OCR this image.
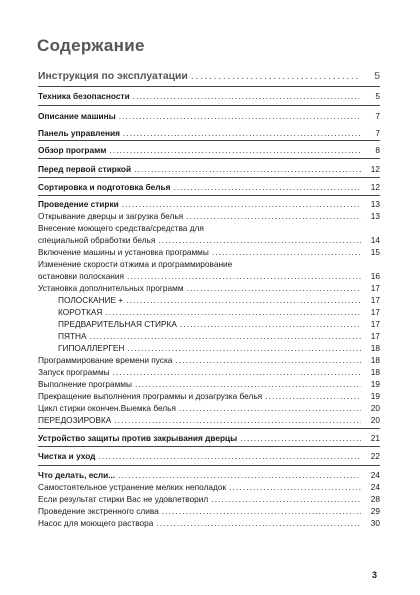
Содержание
Инструкция по эксплуатации . . .	5
Техника безопасности . . .	5
Описание машины . . .	7
Панель управления . . .	7
Обзор программ . . .	8
Перед первой стиркой . . .	12
Сортировка и подготовка белья . . .	12
Проведение стирки . . .	13
Открывание дверцы и загрузка белья . . .	13
Внесение моющего средства/средства для
специальной обработки белья . . .	14
Включение машины и установка программы . . .	15
Изменение скорости отжима и программирование
остановки полоскания . . .	16
Установка дополнительных программ . . .	17
ПОЛОСКАНИЕ + . . .	17
КОРОТКАЯ . . .	17
ПРЕДВАРИТЕЛЬНАЯ СТИРКА . . .	17
ПЯТНА . . .	17
ГИПОАЛЛЕРГЕН . . .	18
Программирование времени пуска . . .	18
Запуск программы . . .	18
Выполнение программы . . .	19
Прекращение выполнения программы и дозагрузка белья . . .	19
Цикл стирки окончен.Выемка белья . . .	20
ПЕРЕДОЗИРОВКА . . .	20
Устройство защиты против закрывания дверцы . . .	21
Чистка и уход . . .	22
Что делать, если... . . .	24
Самостоятельное устранение мелких неполадок . . .	24
Если результат стирки Вас не удовлетворил . . .	28
Проведение экстренного слива . . .	29
Насос для моющего раствора . . .	30
3
